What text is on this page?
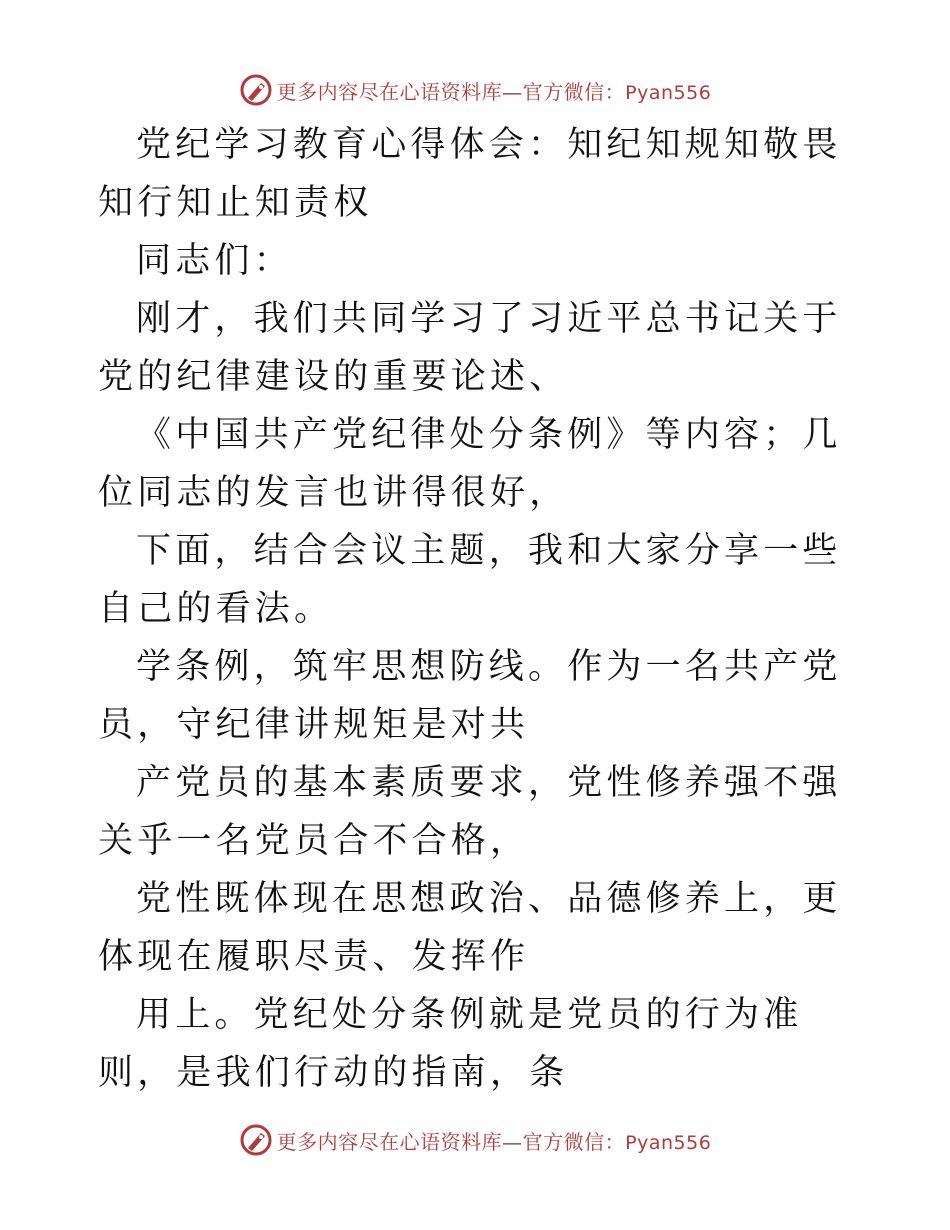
更多内容尽在心语资料库—官方微信：Pyan556

党纪学习教育心得体会：知纪知规知敬畏知行知止知责权

同志们：

刚才，我们共同学习了习近平总书记关于党的纪律建设的重要论述、

《中国共产党纪律处分条例》等内容；几位同志的发言也讲得很好，

下面，结合会议主题，我和大家分享一些自己的看法。

学条例，筑牢思想防线。作为一名共产党员，守纪律讲规矩是对共

产党员的基本素质要求，党性修养强不强关乎一名党员合不合格，

党性既体现在思想政治、品德修养上，更体现在履职尽责、发挥作

用上。党纪处分条例就是党员的行为准则，是我们行动的指南，条

更多内容尽在心语资料库—官方微信：Pyan556
